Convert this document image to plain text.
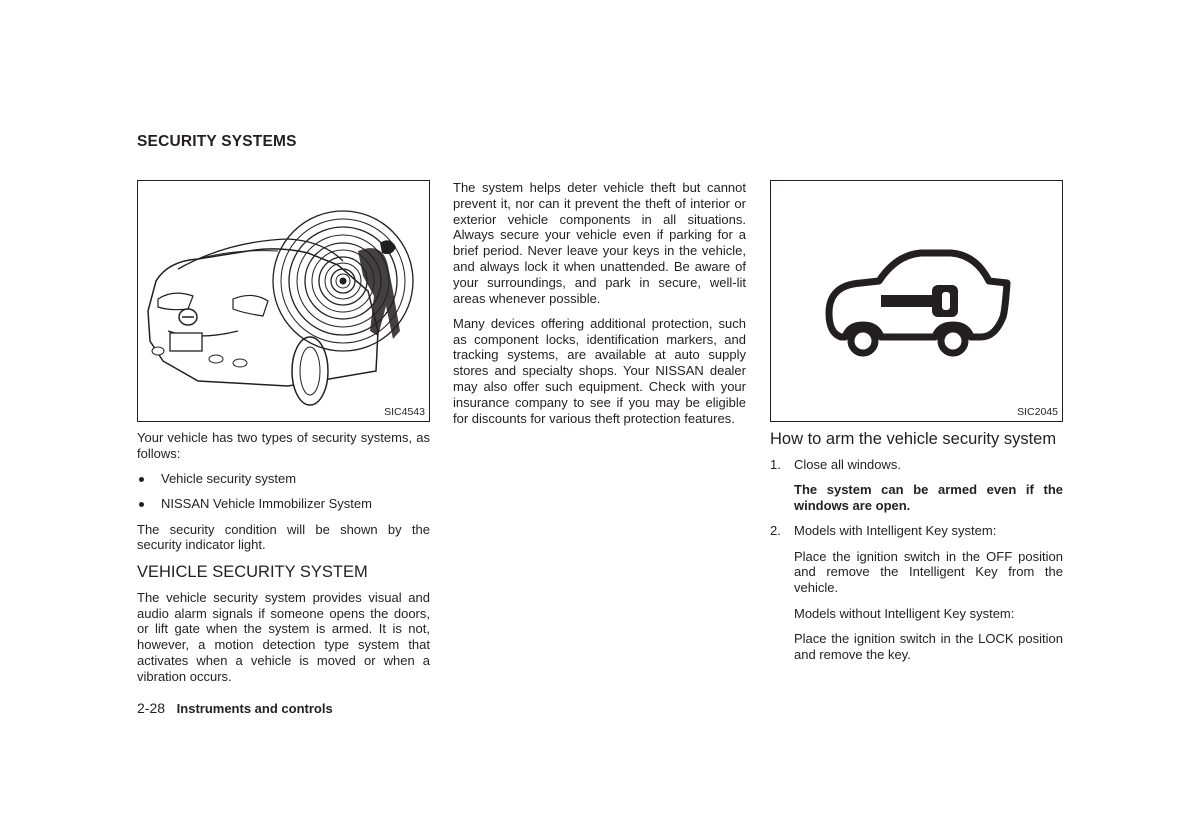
SECURITY SYSTEMS
SIC4543	SIC2045

Your vehicle has two types of security systems, as follows:

Vehicle security system
NISSAN Vehicle Immobilizer System

The security condition will be shown by the security indicator light.

VEHICLE SECURITY SYSTEM

The vehicle security system provides visual and audio alarm signals if someone opens the doors, or lift gate when the system is armed. It is not, however, a motion detection type system that activates when a vehicle is moved or when a vibration occurs.

The system helps deter vehicle theft but cannot prevent it, nor can it prevent the theft of interior or exterior vehicle components in all situations. Always secure your vehicle even if parking for a brief period. Never leave your keys in the vehicle, and always lock it when unattended. Be aware of your surroundings, and park in secure, well-lit areas whenever possible.

Many devices offering additional protection, such as component locks, identification markers, and tracking systems, are available at auto supply stores and specialty shops. Your NISSAN dealer may also offer such equipment. Check with your insurance company to see if you may be eligible for discounts for various theft protection features.

How to arm the vehicle security system
1. Close all windows.

The system can be armed even if the windows are open.

2. Models with Intelligent Key system:

Place the ignition switch in the OFF position and remove the Intelligent Key from the vehicle.

Models without Intelligent Key system:

Place the ignition switch in the LOCK position and remove the key.

2-28 Instruments and controls
